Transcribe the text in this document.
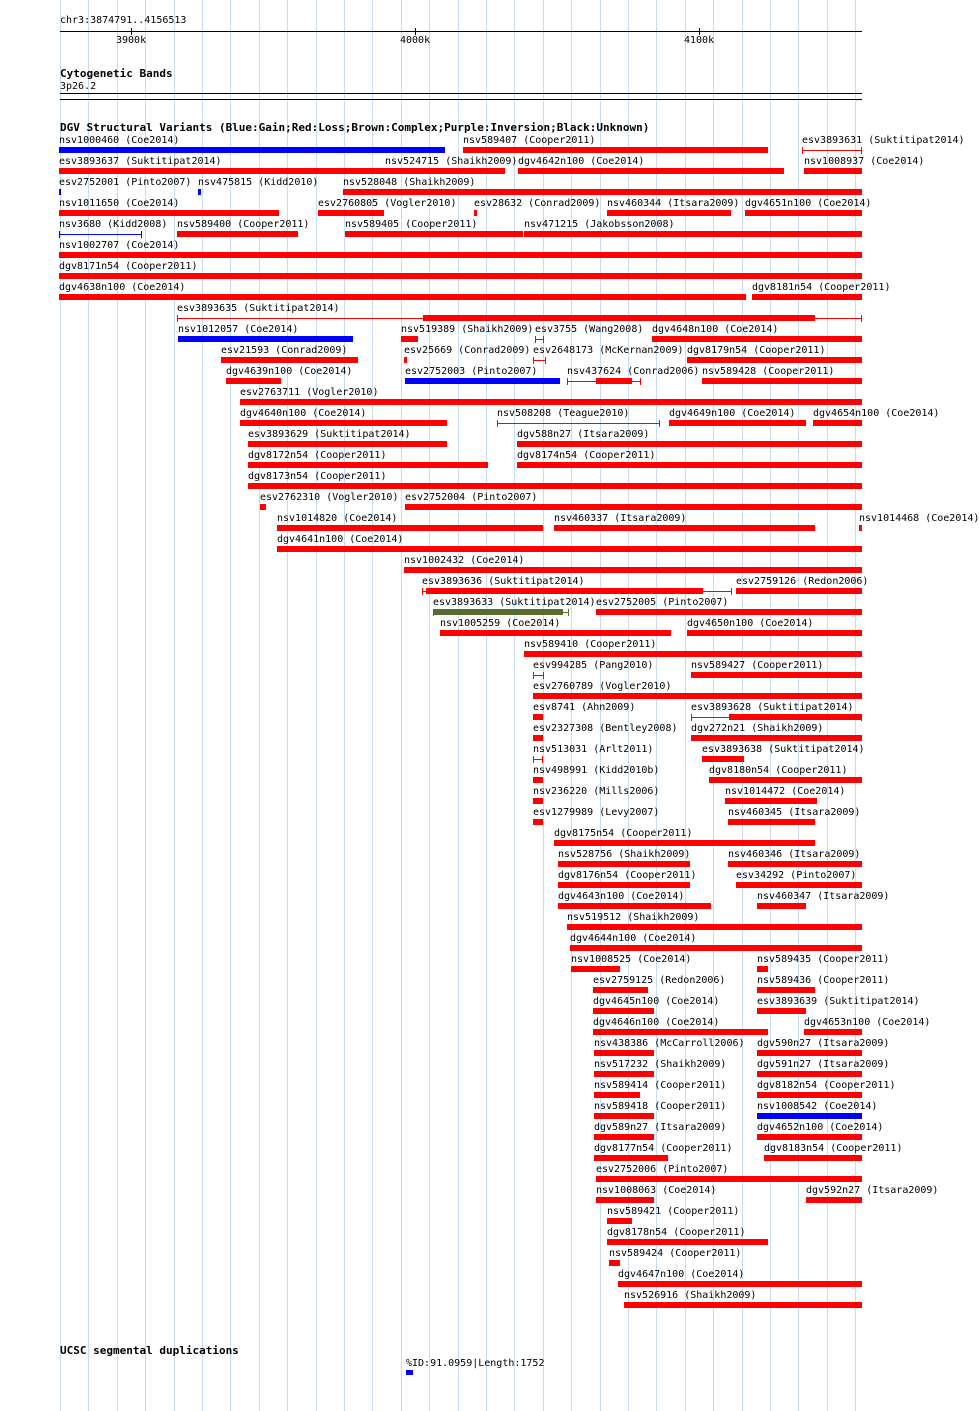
chr3:3874791..4156513
3900k	4000k	4100k
Cytogenetic Bands
3p26.2
DGV Structural Variants (Blue:Gain;Red:Loss;Brown:Complex;Purple:Inversion;Black:Unknown)
nsv1000460 (Coe2014)	nsv589407 (Cooper2011)	esv3893631 (Suktitipat2014)
esv3893637 (Suktitipat2014)	nsv524715 (Shaikh2009) dgv4642n100 (Coe2014)	nsv1008937 (Coe2014)
esv2752001 (Pinto2007) nsv475815 (Kidd2010) nsv528048 (Shaikh2009)
nsv1011650 (Coe2014)	esv2760805 (Vogler2010) esv28632 (Conrad2009) nsv460344 (Itsara2009) dgv4651n100 (Coe2014)
nsv3680 (Kidd2008) nsv589400 (Cooper2011)	nsv589405 (Cooper2011)	nsv471215 (Jakobsson2008)
nsv1002707 (Coe2014)
dgv8171n54 (Cooper2011)
dgv4638n100 (Coe2014)	dgv8181n54 (Cooper2011)
esv3893635 (Suktitipat2014)
nsv1012057 (Coe2014)	nsv519389 (Shaikh2009) esv3755 (Wang2008) dgv4648n100 (Coe2014)
esv21593 (Conrad2009)	esv25669 (Conrad2009) esv2648173 (McKernan2009) dgv8179n54 (Cooper2011)
dgv4639n100 (Coe2014)	esv2752003 (Pinto2007)	nsv437624 (Conrad2006) nsv589428 (Cooper2011)
esv2763711 (Vogler2010)
dgv4640n100 (Coe2014)	nsv508208 (Teague2010)	dgv4649n100 (Coe2014) dgv4654n100 (Coe2014)
esv3893629 (Suktitipat2014)	dgv588n27 (Itsara2009)
dgv8172n54 (Cooper2011)	dgv8174n54 (Cooper2011)
dgv8173n54 (Cooper2011)
esv2762310 (Vogler2010) esv2752004 (Pinto2007)
nsv1014820 (Coe2014)	nsv460337 (Itsara2009)	nsv1014468 (Coe2014)
dgv4641n100 (Coe2014)
nsv1002432 (Coe2014)
esv3893636 (Suktitipat2014)	esv2759126 (Redon2006)
esv3893633 (Suktitipat2014) esv2752005 (Pinto2007)
nsv1005259 (Coe2014)	dgv4650n100 (Coe2014)
nsv589410 (Cooper2011)
esv994285 (Pang2010)	nsv589427 (Cooper2011)
esv2760789 (Vogler2010)
esv8741 (Ahn2009)	esv3893628 (Suktitipat2014)
esv2327308 (Bentley2008) dgv272n21 (Shaikh2009)
nsv513031 (Arlt2011)	esv3893638 (Suktitipat2014)
nsv498991 (Kidd2010b)	dgv8180n54 (Cooper2011)
nsv236220 (Mills2006)	nsv1014472 (Coe2014)
esv1279989 (Levy2007)	nsv460345 (Itsara2009)
dgv8175n54 (Cooper2011)
nsv528756 (Shaikh2009)	nsv460346 (Itsara2009)
dgv8176n54 (Cooper2011)	esv34292 (Pinto2007)
dgv4643n100 (Coe2014)	nsv460347 (Itsara2009)
nsv519512 (Shaikh2009)
dgv4644n100 (Coe2014)
nsv1008525 (Coe2014)	nsv589435 (Cooper2011)
esv2759125 (Redon2006)	nsv589436 (Cooper2011)
dgv4645n100 (Coe2014)	esv3893639 (Suktitipat2014)
dgv4646n100 (Coe2014)	dgv4653n100 (Coe2014)
nsv438386 (McCarroll2006) dgv590n27 (Itsara2009)
nsv517232 (Shaikh2009)	dgv591n27 (Itsara2009)
nsv589414 (Cooper2011)	dgv8182n54 (Cooper2011)
nsv589418 (Cooper2011)	nsv1008542 (Coe2014)
dgv589n27 (Itsara2009)	dgv4652n100 (Coe2014)
dgv8177n54 (Cooper2011)	dgv8183n54 (Cooper2011)
esv2752006 (Pinto2007)
nsv1008063 (Coe2014)	dgv592n27 (Itsara2009)
nsv589421 (Cooper2011)
dgv8178n54 (Cooper2011)
nsv589424 (Cooper2011)
dgv4647n100 (Coe2014)
nsv526916 (Shaikh2009)
UCSC segmental duplications
%ID:91.0959|Length:1752
